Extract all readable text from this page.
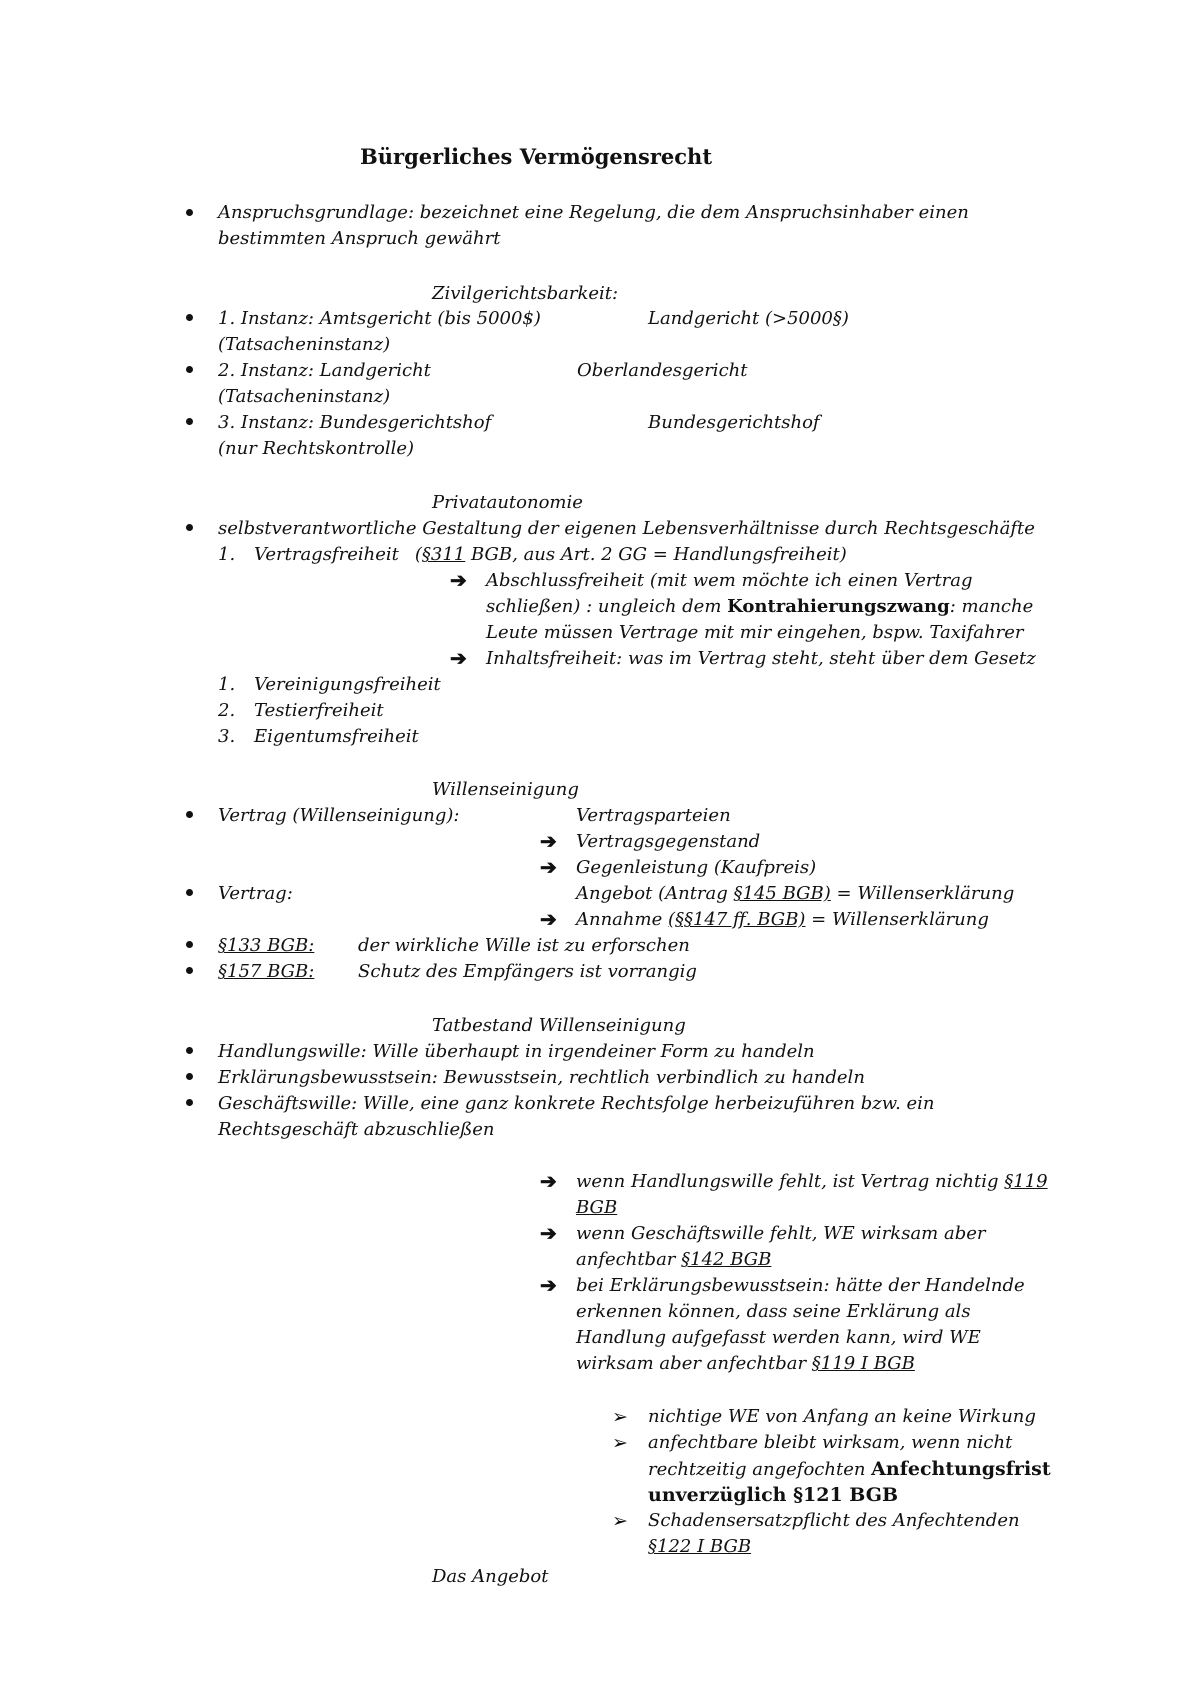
Bürgerliches Vermögensrecht
Anspruchsgrundlage: bezeichnet eine Regelung, die dem Anspruchsinhaber einen
bestimmten Anspruch gewährt
Zivilgerichtsbarkeit:
1. Instanz: Amtsgericht (bis 5000$)	Landgericht (>5000§)
(Tatsacheninstanz)
2. Instanz: Landgericht	Oberlandesgericht
(Tatsacheninstanz)
3. Instanz: Bundesgerichtshof	Bundesgerichtshof
(nur Rechtskontrolle)
Privatautonomie
selbstverantwortliche Gestaltung der eigenen Lebensverhältnisse durch Rechtsgeschäfte
1. Vertragsfreiheit (§311 BGB, aus Art. 2 GG = Handlungsfreiheit)
➔ Abschlussfreiheit (mit wem möchte ich einen Vertrag
schließen) : ungleich dem Kontrahierungszwang: manche
Leute müssen Vertrage mit mir eingehen, bspw. Taxifahrer
➔ Inhaltsfreiheit: was im Vertrag steht, steht über dem Gesetz
1. Vereinigungsfreiheit
2. Testierfreiheit
3. Eigentumsfreiheit
Willenseinigung
Vertrag (Willenseinigung):	Vertragsparteien
➔ Vertragsgegenstand
➔ Gegenleistung (Kaufpreis)
Vertrag:	Angebot (Antrag §145 BGB) = Willenserklärung
➔ Annahme (§§147 ff. BGB) = Willenserklärung
§133 BGB: der wirkliche Wille ist zu erforschen
§157 BGB: Schutz des Empfängers ist vorrangig
Tatbestand Willenseinigung
Handlungswille: Wille überhaupt in irgendeiner Form zu handeln
Erklärungsbewusstsein: Bewusstsein, rechtlich verbindlich zu handeln
Geschäftswille: Wille, eine ganz konkrete Rechtsfolge herbeizuführen bzw. ein
Rechtsgeschäft abzuschließen
➔ wenn Handlungswille fehlt, ist Vertrag nichtig §119
BGB
➔ wenn Geschäftswille fehlt, WE wirksam aber
anfechtbar §142 BGB
➔ bei Erklärungsbewusstsein: hätte der Handelnde
erkennen können, dass seine Erklärung als
Handlung aufgefasst werden kann, wird WE
wirksam aber anfechtbar §119 I BGB
➢ nichtige WE von Anfang an keine Wirkung
➢ anfechtbare bleibt wirksam, wenn nicht
rechtzeitig angefochten Anfechtungsfrist
unverzüglich §121 BGB
➢ Schadensersatzpflicht des Anfechtenden
§122 I BGB
Das Angebot
